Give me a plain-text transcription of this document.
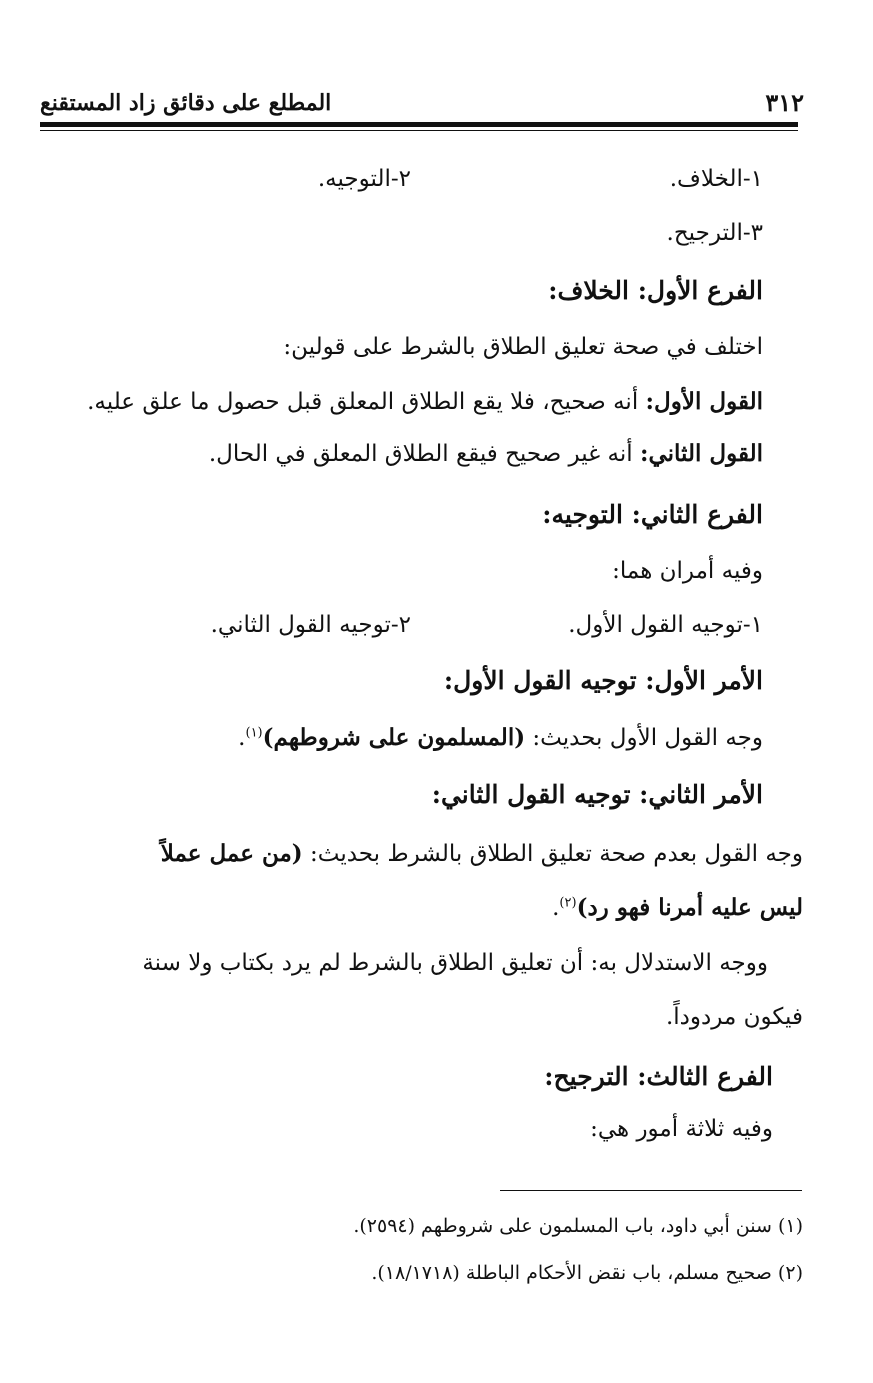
٣١٢
المطلع على دقائق زاد المستقنع
١-الخلاف.
٢-التوجيه.
٣-الترجيح.
الفرع الأول: الخلاف:
اختلف في صحة تعليق الطلاق بالشرط على قولين:
القول الأول: أنه صحيح، فلا يقع الطلاق المعلق قبل حصول ما علق عليه.
القول الثاني: أنه غير صحيح فيقع الطلاق المعلق في الحال.
الفرع الثاني: التوجيه:
وفيه أمران هما:
١-توجيه القول الأول.
٢-توجيه القول الثاني.
الأمر الأول: توجيه القول الأول:
وجه القول الأول بحديث: (المسلمون على شروطهم)$^{(١)}$.
الأمر الثاني: توجيه القول الثاني:
وجه القول بعدم صحة تعليق الطلاق بالشرط بحديث: (من عمل عملاً
ليس عليه أمرنا فهو رد)$^{(٢)}$.
ووجه الاستدلال به: أن تعليق الطلاق بالشرط لم يرد بكتاب ولا سنة
فيكون مردوداً.
الفرع الثالث: الترجيح:
وفيه ثلاثة أمور هي:
(١) سنن أبي داود، باب المسلمون على شروطهم (٢٥٩٤).
(٢) صحيح مسلم، باب نقض الأحكام الباطلة (١٨/١٧١٨).
